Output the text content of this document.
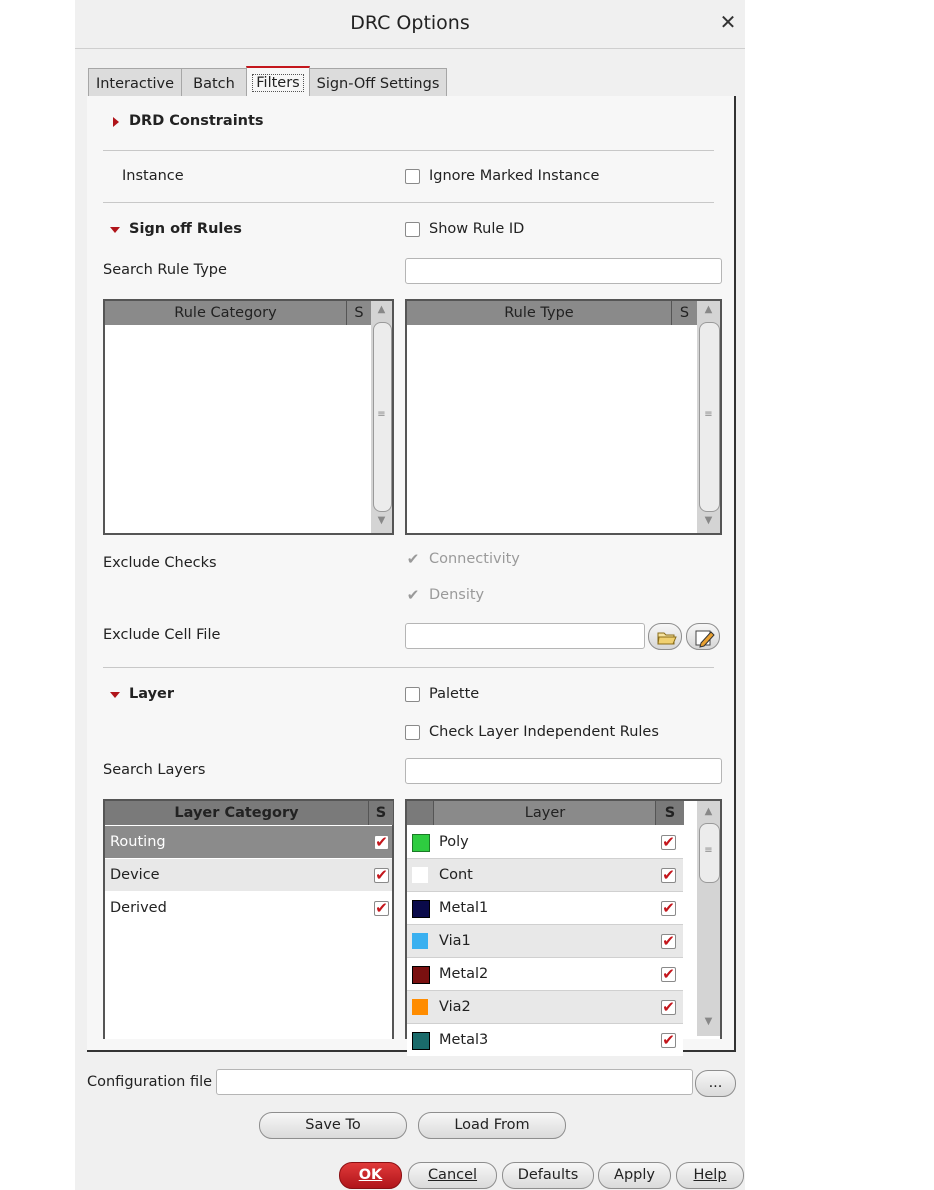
DRC Options	✕
Interactive	Batch	Filters	Sign-Off Settings
DRD Constraints
Instance	Ignore Marked Instance
Sign off Rules	Show Rule ID
Search Rule Type
Rule Category	S	▲
≡
▼
Rule Type	S	▲
≡
▼
Exclude Checks	✔ Connectivity
✔ Density
Exclude Cell File
Layer	Palette
Check Layer Independent Rules
Search Layers
Layer Category	S
Routing	✔
Device	✔
Derived	✔
Layer	S
Poly	✔
Cont	✔
Metal1	✔
Via1	✔
Metal2	✔
Via2	✔
Metal3	✔
▲
≡
▼
Configuration file	...
Save To	Load From
OK	Cancel	Defaults	Apply	Help
